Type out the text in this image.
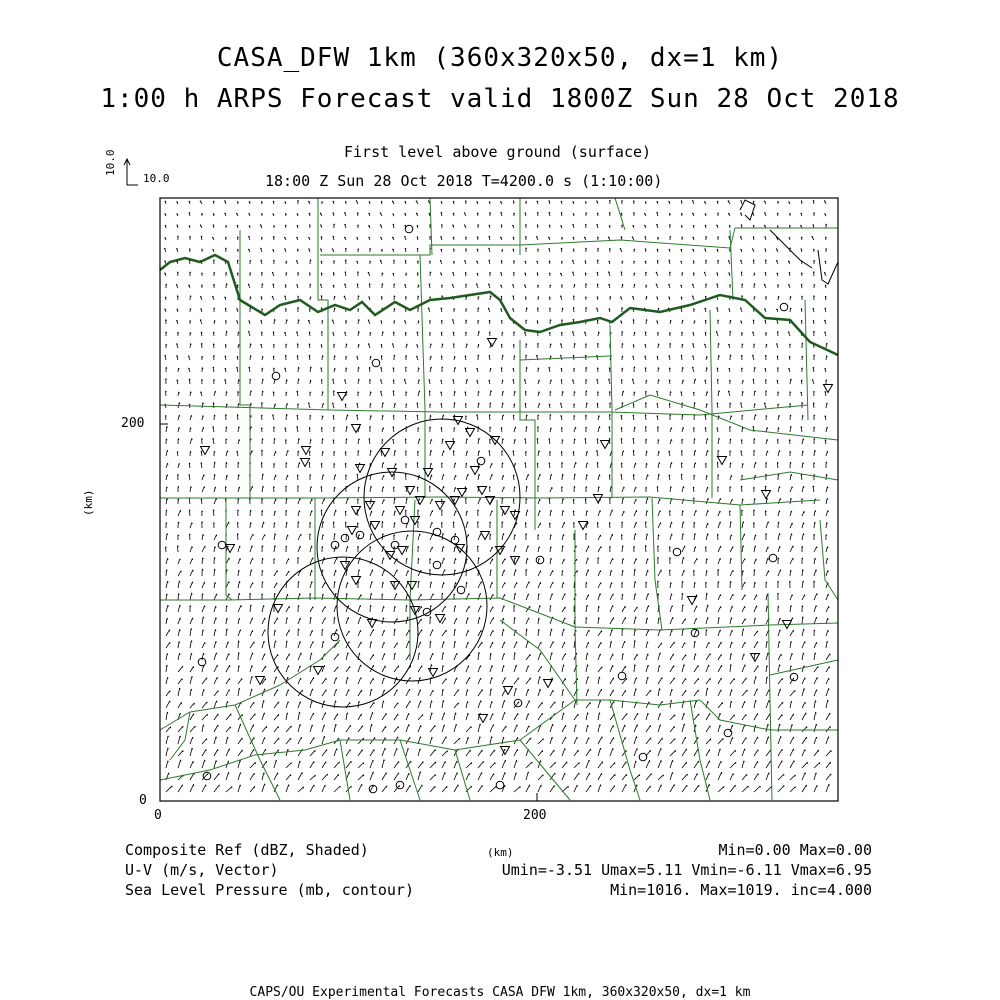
CASA_DFW 1km (360x320x50, dx=1 km)
1:00 h ARPS Forecast valid 1800Z Sun 28 Oct 2018
First level above ground (surface)
18:00 Z Sun 28 Oct 2018 T=4200.0 s (1:10:00)
10.0
10.0
(km)
200
0
0	200
(km)
Composite Ref (dBZ, Shaded)	Min=0.00 Max=0.00
U-V (m/s, Vector)	Umin=-3.51 Umax=5.11 Vmin=-6.11 Vmax=6.95
Sea Level Pressure (mb, contour)	Min=1016. Max=1019. inc=4.000
CAPS/OU Experimental Forecasts CASA DFW 1km, 360x320x50, dx=1 km
